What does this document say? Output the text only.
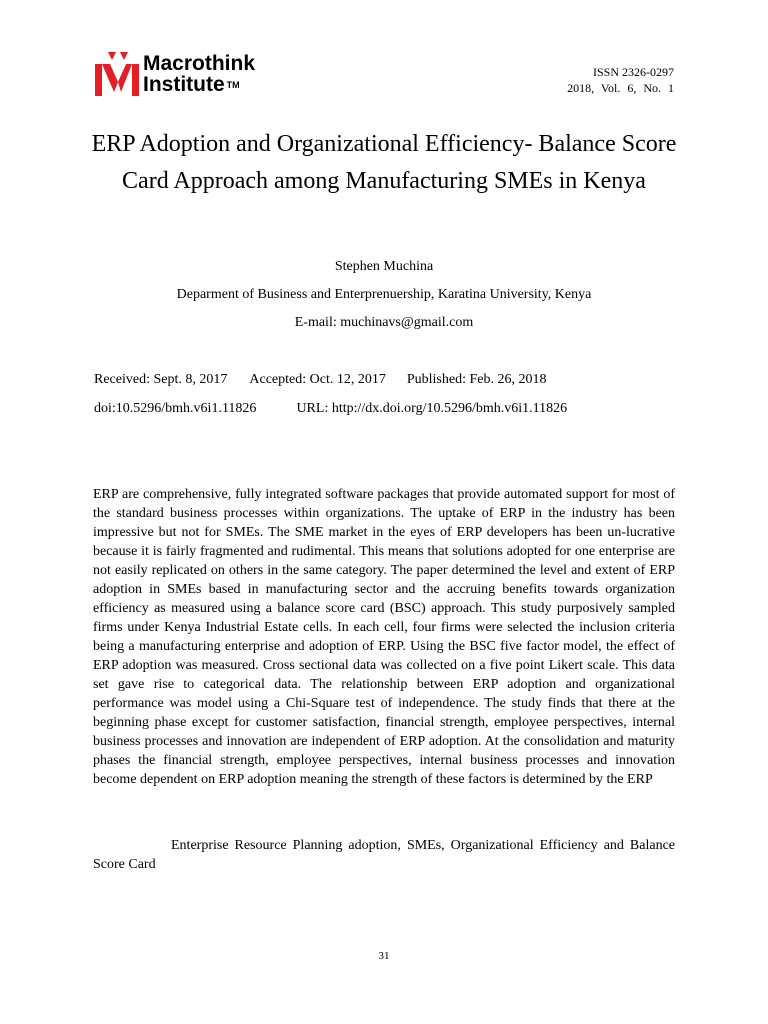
Macrothink
Institute ™
ISSN 2326-0297
2018, Vol. 6, No. 1
ERP Adoption and Organizational Efficiency- Balance Score Card Approach among Manufacturing SMEs in Kenya
Stephen Muchina
Deparment of Business and Enterprenuership, Karatina University, Kenya
E-mail: muchinavs@gmail.com
Received: Sept. 8, 2017 Accepted: Oct. 12, 2017 Published: Feb. 26, 2018
doi:10.5296/bmh.v6i1.11826	URL: http://dx.doi.org/10.5296/bmh.v6i1.11826

ERP are comprehensive, fully integrated software packages that provide automated support for most of the standard business processes within organizations. The uptake of ERP in the industry has been impressive but not for SMEs. The SME market in the eyes of ERP developers has been un-lucrative because it is fairly fragmented and rudimental. This means that solutions adopted for one enterprise are not easily replicated on others in the same category. The paper determined the level and extent of ERP adoption in SMEs based in manufacturing sector and the accruing benefits towards organization efficiency as measured using a balance score card (BSC) approach. This study purposively sampled firms under Kenya Industrial Estate cells. In each cell, four firms were selected the inclusion criteria being a manufacturing enterprise and adoption of ERP. Using the BSC five factor model, the effect of ERP adoption was measured. Cross sectional data was collected on a five point Likert scale. This data set gave rise to categorical data. The relationship between ERP adoption and organizational performance was model using a Chi-Square test of independence. The study finds that there at the beginning phase except for customer satisfaction, financial strength, employee perspectives, internal business processes and innovation are independent of ERP adoption. At the consolidation and maturity phases the financial strength, employee perspectives, internal business processes and innovation become dependent on ERP adoption meaning the strength of these factors is determined by the ERP

Enterprise Resource Planning adoption, SMEs, Organizational Efficiency and Balance Score Card

31
